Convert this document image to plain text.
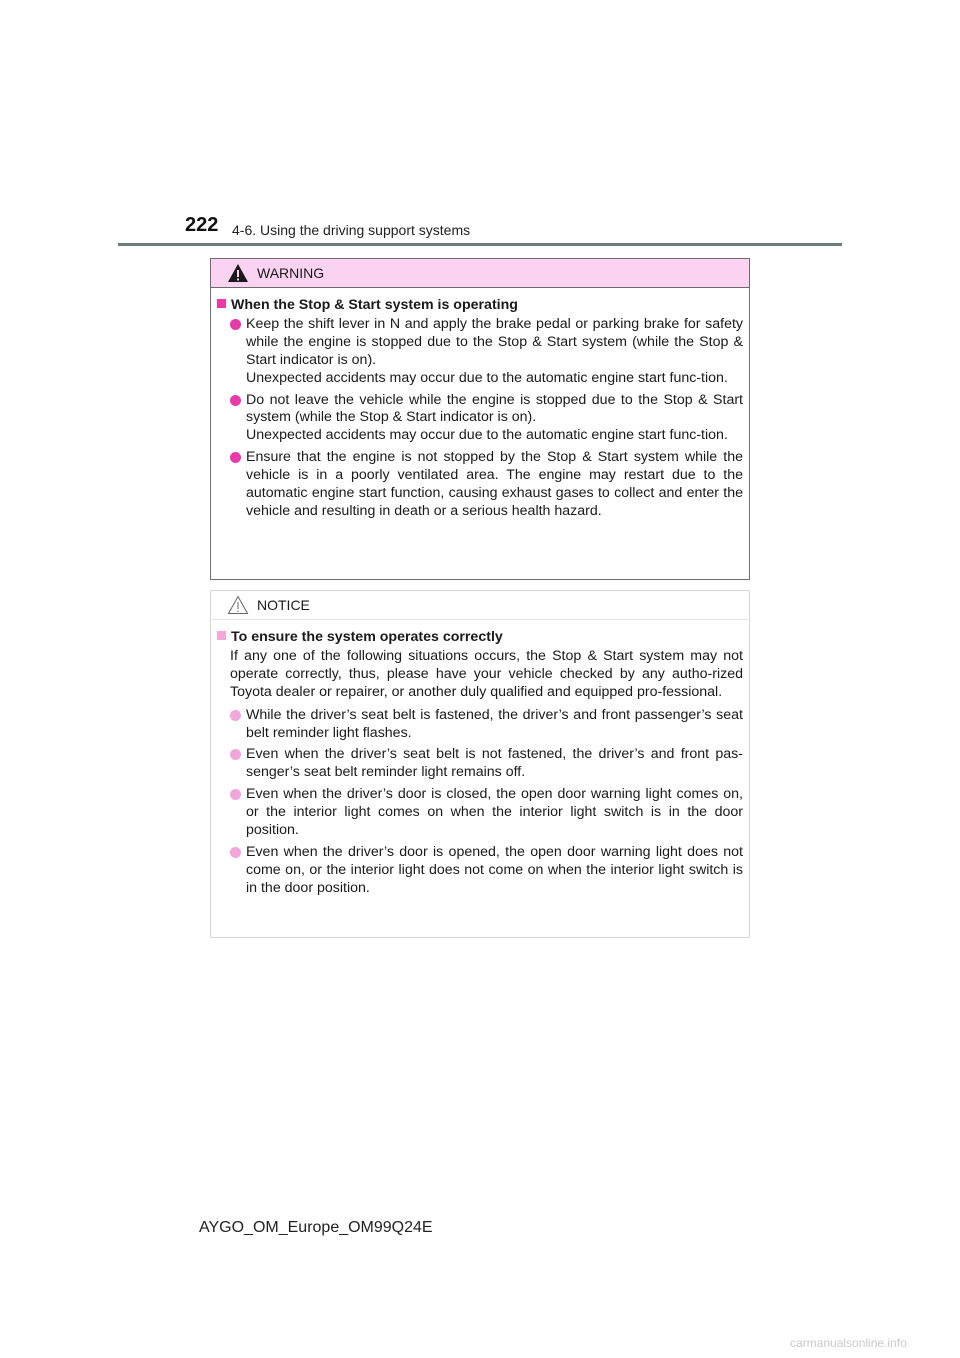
222 4-6. Using the driving support systems
WARNING
When the Stop & Start system is operating

Keep the shift lever in N and apply the brake pedal or parking brake for safety while the engine is stopped due to the Stop & Start system (while the Stop & Start indicator is on).

Unexpected accidents may occur due to the automatic engine start func-tion.

Do not leave the vehicle while the engine is stopped due to the Stop & Start system (while the Stop & Start indicator is on).

Unexpected accidents may occur due to the automatic engine start func-tion.

Ensure that the engine is not stopped by the Stop & Start system while the vehicle is in a poorly ventilated area. The engine may restart due to the automatic engine start function, causing exhaust gases to collect and enter the vehicle and resulting in death or a serious health hazard.

NOTICE
To ensure the system operates correctly
If any one of the following situations occurs, the Stop & Start system may not operate correctly, thus, please have your vehicle checked by any autho-rized Toyota dealer or repairer, or another duly qualified and equipped pro-fessional.
While the driver’s seat belt is fastened, the driver’s and front passenger’s seat belt reminder light flashes.
Even when the driver’s seat belt is not fastened, the driver’s and front pas-senger’s seat belt reminder light remains off.
Even when the driver’s door is closed, the open door warning light comes on, or the interior light comes on when the interior light switch is in the door position.
Even when the driver’s door is opened, the open door warning light does not come on, or the interior light does not come on when the interior light switch is in the door position.
AYGO_OM_Europe_OM99Q24E
carmanualsonline.info
